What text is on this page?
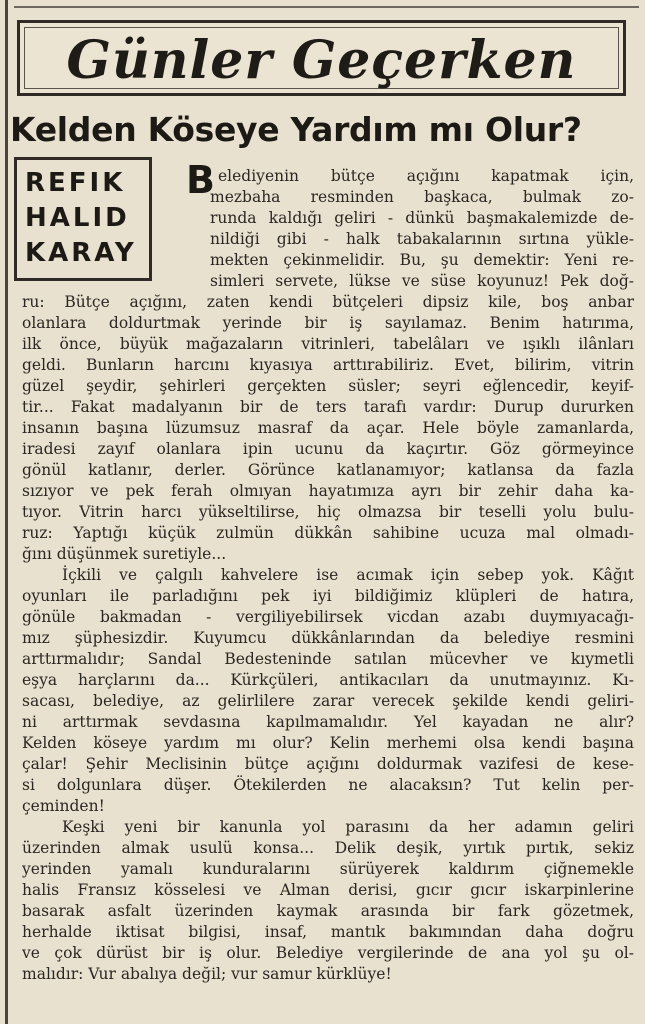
Günler Geçerken
Kelden Köseye Yardım mı Olur?
REFIK
HALID
KARAY
B elediyenin bütçe açığını kapatmak için,
mezbaha resminden başkaca, bulmak zo-
runda kaldığı geliri - dünkü başmakalemizde de-
nildiği gibi - halk tabakalarının sırtına yükle-
mekten çekinmelidir. Bu, şu demektir: Yeni re-
simleri servete, lükse ve süse koyunuz! Pek doğ-
ru: Bütçe açığını, zaten kendi bütçeleri dipsiz kile, boş anbar
olanlara doldurtmak yerinde bir iş sayılamaz. Benim hatırıma,
ilk önce, büyük mağazaların vitrinleri, tabelâları ve ışıklı ilânları
geldi. Bunların harcını kıyasıya arttırabiliriz. Evet, bilirim, vitrin
güzel şeydir, şehirleri gerçekten süsler; seyri eğlencedir, keyif-
tir... Fakat madalyanın bir de ters tarafı vardır: Durup dururken
insanın başına lüzumsuz masraf da açar. Hele böyle zamanlarda,
iradesi zayıf olanlara ipin ucunu da kaçırtır. Göz görmeyince
gönül katlanır, derler. Görünce katlanamıyor; katlansa da fazla
sızıyor ve pek ferah olmıyan hayatımıza ayrı bir zehir daha ka-
tıyor. Vitrin harcı yükseltilirse, hiç olmazsa bir teselli yolu bulu-
ruz: Yaptığı küçük zulmün dükkân sahibine ucuza mal olmadı-
ğını düşünmek suretiyle...
İçkili ve çalgılı kahvelere ise acımak için sebep yok. Kâğıt
oyunları ile parladığını pek iyi bildiğimiz klüpleri de hatıra,
gönüle bakmadan - vergiliyebilirsek vicdan azabı duymıyacağı-
mız şüphesizdir. Kuyumcu dükkânlarından da belediye resmini
arttırmalıdır; Sandal Bedesteninde satılan mücevher ve kıymetli
eşya harçlarını da... Kürkçüleri, antikacıları da unutmayınız. Kı-
sacası, belediye, az gelirlilere zarar verecek şekilde kendi geliri-
ni arttırmak sevdasına kapılmamalıdır. Yel kayadan ne alır?
Kelden köseye yardım mı olur? Kelin merhemi olsa kendi başına
çalar! Şehir Meclisinin bütçe açığını doldurmak vazifesi de kese-
si dolgunlara düşer. Ötekilerden ne alacaksın? Tut kelin per-
çeminden!
Keşki yeni bir kanunla yol parasını da her adamın geliri
üzerinden almak usulü konsa... Delik deşik, yırtık pırtık, sekiz
yerinden yamalı kunduralarını sürüyerek kaldırım çiğnemekle
halis Fransız kösselesi ve Alman derisi, gıcır gıcır iskarpinlerine
basarak asfalt üzerinden kaymak arasında bir fark gözetmek,
herhalde iktisat bilgisi, insaf, mantık bakımından daha doğru
ve çok dürüst bir iş olur. Belediye vergilerinde de ana yol şu ol-
malıdır: Vur abalıya değil; vur samur kürklüye!
